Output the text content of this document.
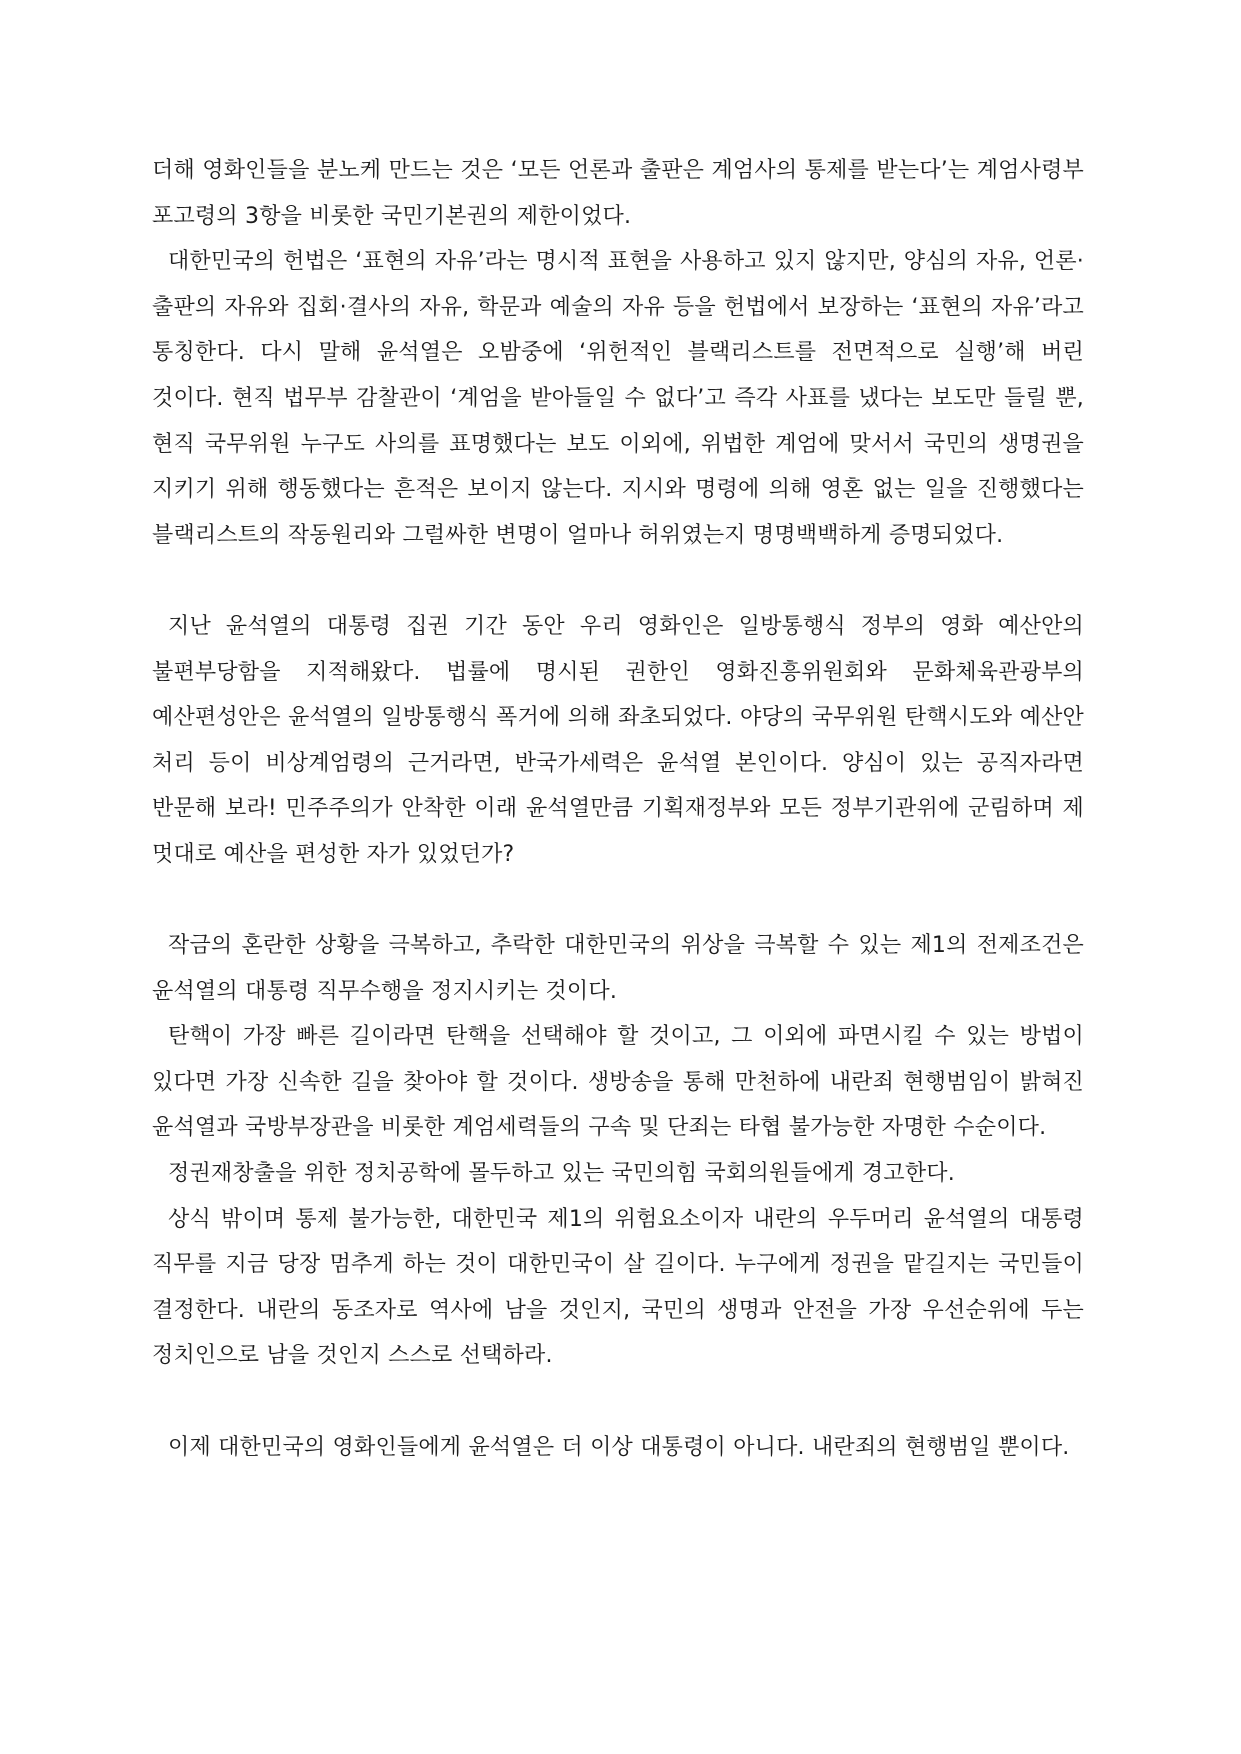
더해 영화인들을 분노케 만드는 것은 ‘모든 언론과 출판은 계엄사의 통제를 받는다’는 계엄사령부 포고령의 3항을 비롯한 국민기본권의 제한이었다.

대한민국의 헌법은 ‘표현의 자유’라는 명시적 표현을 사용하고 있지 않지만, 양심의 자유, 언론·출판의 자유와 집회·결사의 자유, 학문과 예술의 자유 등을 헌법에서 보장하는 ‘표현의 자유’라고 통칭한다. 다시 말해 윤석열은 오밤중에 ‘위헌적인 블랙리스트를 전면적으로 실행’해 버린 것이다. 현직 법무부 감찰관이 ‘계엄을 받아들일 수 없다’고 즉각 사표를 냈다는 보도만 들릴 뿐, 현직 국무위원 누구도 사의를 표명했다는 보도 이외에, 위법한 계엄에 맞서서 국민의 생명권을 지키기 위해 행동했다는 흔적은 보이지 않는다. 지시와 명령에 의해 영혼 없는 일을 진행했다는 블랙리스트의 작동원리와 그럴싸한 변명이 얼마나 허위였는지 명명백백하게 증명되었다.

지난 윤석열의 대통령 집권 기간 동안 우리 영화인은 일방통행식 정부의 영화 예산안의 불편부당함을 지적해왔다. 법률에 명시된 권한인 영화진흥위원회와 문화체육관광부의 예산편성안은 윤석열의 일방통행식 폭거에 의해 좌초되었다. 야당의 국무위원 탄핵시도와 예산안 처리 등이 비상계엄령의 근거라면, 반국가세력은 윤석열 본인이다. 양심이 있는 공직자라면 반문해 보라! 민주주의가 안착한 이래 윤석열만큼 기획재정부와 모든 정부기관위에 군림하며 제 멋대로 예산을 편성한 자가 있었던가?

작금의 혼란한 상황을 극복하고, 추락한 대한민국의 위상을 극복할 수 있는 제1의 전제조건은 윤석열의 대통령 직무수행을 정지시키는 것이다.

탄핵이 가장 빠른 길이라면 탄핵을 선택해야 할 것이고, 그 이외에 파면시킬 수 있는 방법이 있다면 가장 신속한 길을 찾아야 할 것이다. 생방송을 통해 만천하에 내란죄 현행범임이 밝혀진 윤석열과 국방부장관을 비롯한 계엄세력들의 구속 및 단죄는 타협 불가능한 자명한 수순이다.

정권재창출을 위한 정치공학에 몰두하고 있는 국민의힘 국회의원들에게 경고한다.

상식 밖이며 통제 불가능한, 대한민국 제1의 위험요소이자 내란의 우두머리 윤석열의 대통령 직무를 지금 당장 멈추게 하는 것이 대한민국이 살 길이다. 누구에게 정권을 맡길지는 국민들이 결정한다. 내란의 동조자로 역사에 남을 것인지, 국민의 생명과 안전을 가장 우선순위에 두는 정치인으로 남을 것인지 스스로 선택하라.

이제 대한민국의 영화인들에게 윤석열은 더 이상 대통령이 아니다. 내란죄의 현행범일 뿐이다.
